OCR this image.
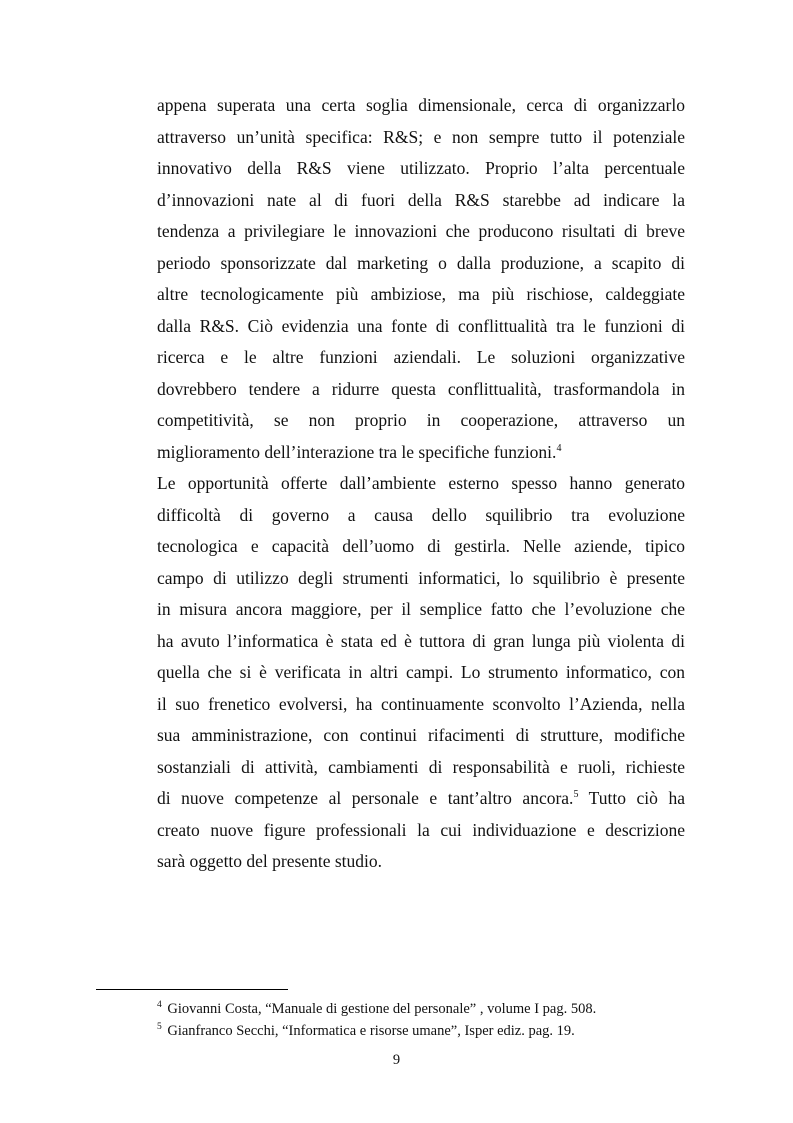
appena superata una certa soglia dimensionale, cerca di organizzarlo
attraverso un’unità specifica: R&S; e non sempre tutto il potenziale
innovativo della R&S viene utilizzato. Proprio l’alta percentuale
d’innovazioni nate al di fuori della R&S starebbe ad indicare la
tendenza a privilegiare le innovazioni che producono risultati di breve
periodo sponsorizzate dal marketing o dalla produzione, a scapito di
altre tecnologicamente più ambiziose, ma più rischiose, caldeggiate
dalla R&S. Ciò evidenzia una fonte di conflittualità tra le funzioni di
ricerca e le altre funzioni aziendali. Le soluzioni organizzative
dovrebbero tendere a ridurre questa conflittualità, trasformandola in
competitività, se non proprio in cooperazione, attraverso un
miglioramento dell’interazione tra le specifiche funzioni.$^4$
Le opportunità offerte dall’ambiente esterno spesso hanno generato
difficoltà di governo a causa dello squilibrio tra evoluzione
tecnologica e capacità dell’uomo di gestirla. Nelle aziende, tipico
campo di utilizzo degli strumenti informatici, lo squilibrio è presente
in misura ancora maggiore, per il semplice fatto che l’evoluzione che
ha avuto l’informatica è stata ed è tuttora di gran lunga più violenta di
quella che si è verificata in altri campi. Lo strumento informatico, con
il suo frenetico evolversi, ha continuamente sconvolto l’Azienda, nella
sua amministrazione, con continui rifacimenti di strutture, modifiche
sostanziali di attività, cambiamenti di responsabilità e ruoli, richieste
di nuove competenze al personale e tant’altro ancora.$^5$ Tutto ciò ha
creato nuove figure professionali la cui individuazione e descrizione
sarà oggetto del presente studio.
$^4$ Giovanni Costa, “Manuale di gestione del personale” , volume I pag. 508.
$^5$ Gianfranco Secchi, “Informatica e risorse umane”, Isper ediz. pag. 19.
9
